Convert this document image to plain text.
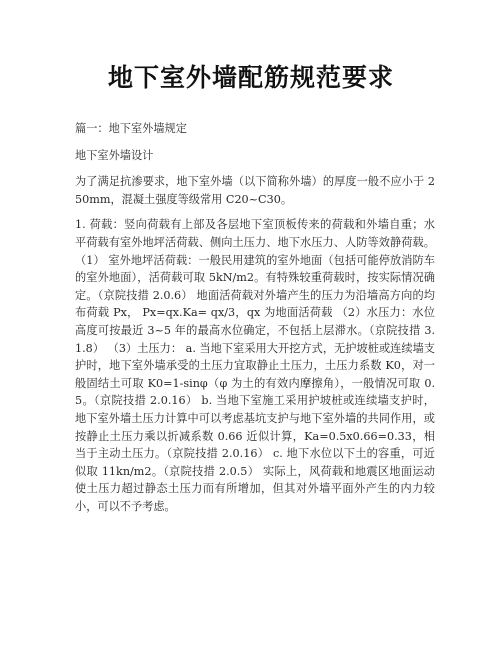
地下室外墙配筋规范要求

篇一：地下室外墙规定

地下室外墙设计

为了满足抗渗要求，地下室外墙（以下简称外墙）的厚度一般不应小于 250mm，混凝土强度等级常用 C20~C30。

1. 荷载：竖向荷载有上部及各层地下室顶板传来的荷载和外墙自重；水平荷载有室外地坪活荷载、侧向土压力、地下水压力、人防等效静荷载。 （1） 室外地坪活荷载：一般民用建筑的室外地面（包括可能停放消防车的室外地面），活荷载可取 5kN/m2。有特殊较重荷载时，按实际情况确定。（京院技措 2.0.6） 地面活荷载对外墙产生的压力为沿墙高方向的均布荷载 Px， Px=qx.Ka= qx/3，qx 为地面活荷载 （2）水压力：水位高度可按最近 3~5 年的最高水位确定，不包括上层滞水。（京院技措 3.1.8） （3）土压力： a. 当地下室采用大开挖方式，无护坡桩或连续墙支护时，地下室外墙承受的土压力宜取静止土压力，土压力系数 K0，对一般固结土可取 K0=1-sinφ（φ 为土的有效内摩擦角），一般情况可取 0.5。（京院技措 2.0.16） b. 当地下室施工采用护坡桩或连续墙支护时，地下室外墙土压力计算中可以考虑基坑支护与地下室外墙的共同作用，或按静止土压力乘以折减系数 0.66 近似计算，Ka=0.5x0.66=0.33，相当于主动土压力。（京院技措 2.0.16） c. 地下水位以下土的容重，可近似取 11kn/m2。（京院技措 2.0.5） 实际上，风荷载和地震区地面运动使土压力超过静态土压力而有所增加，但其对外墙平面外产生的内力较小，可以不予考虑。
